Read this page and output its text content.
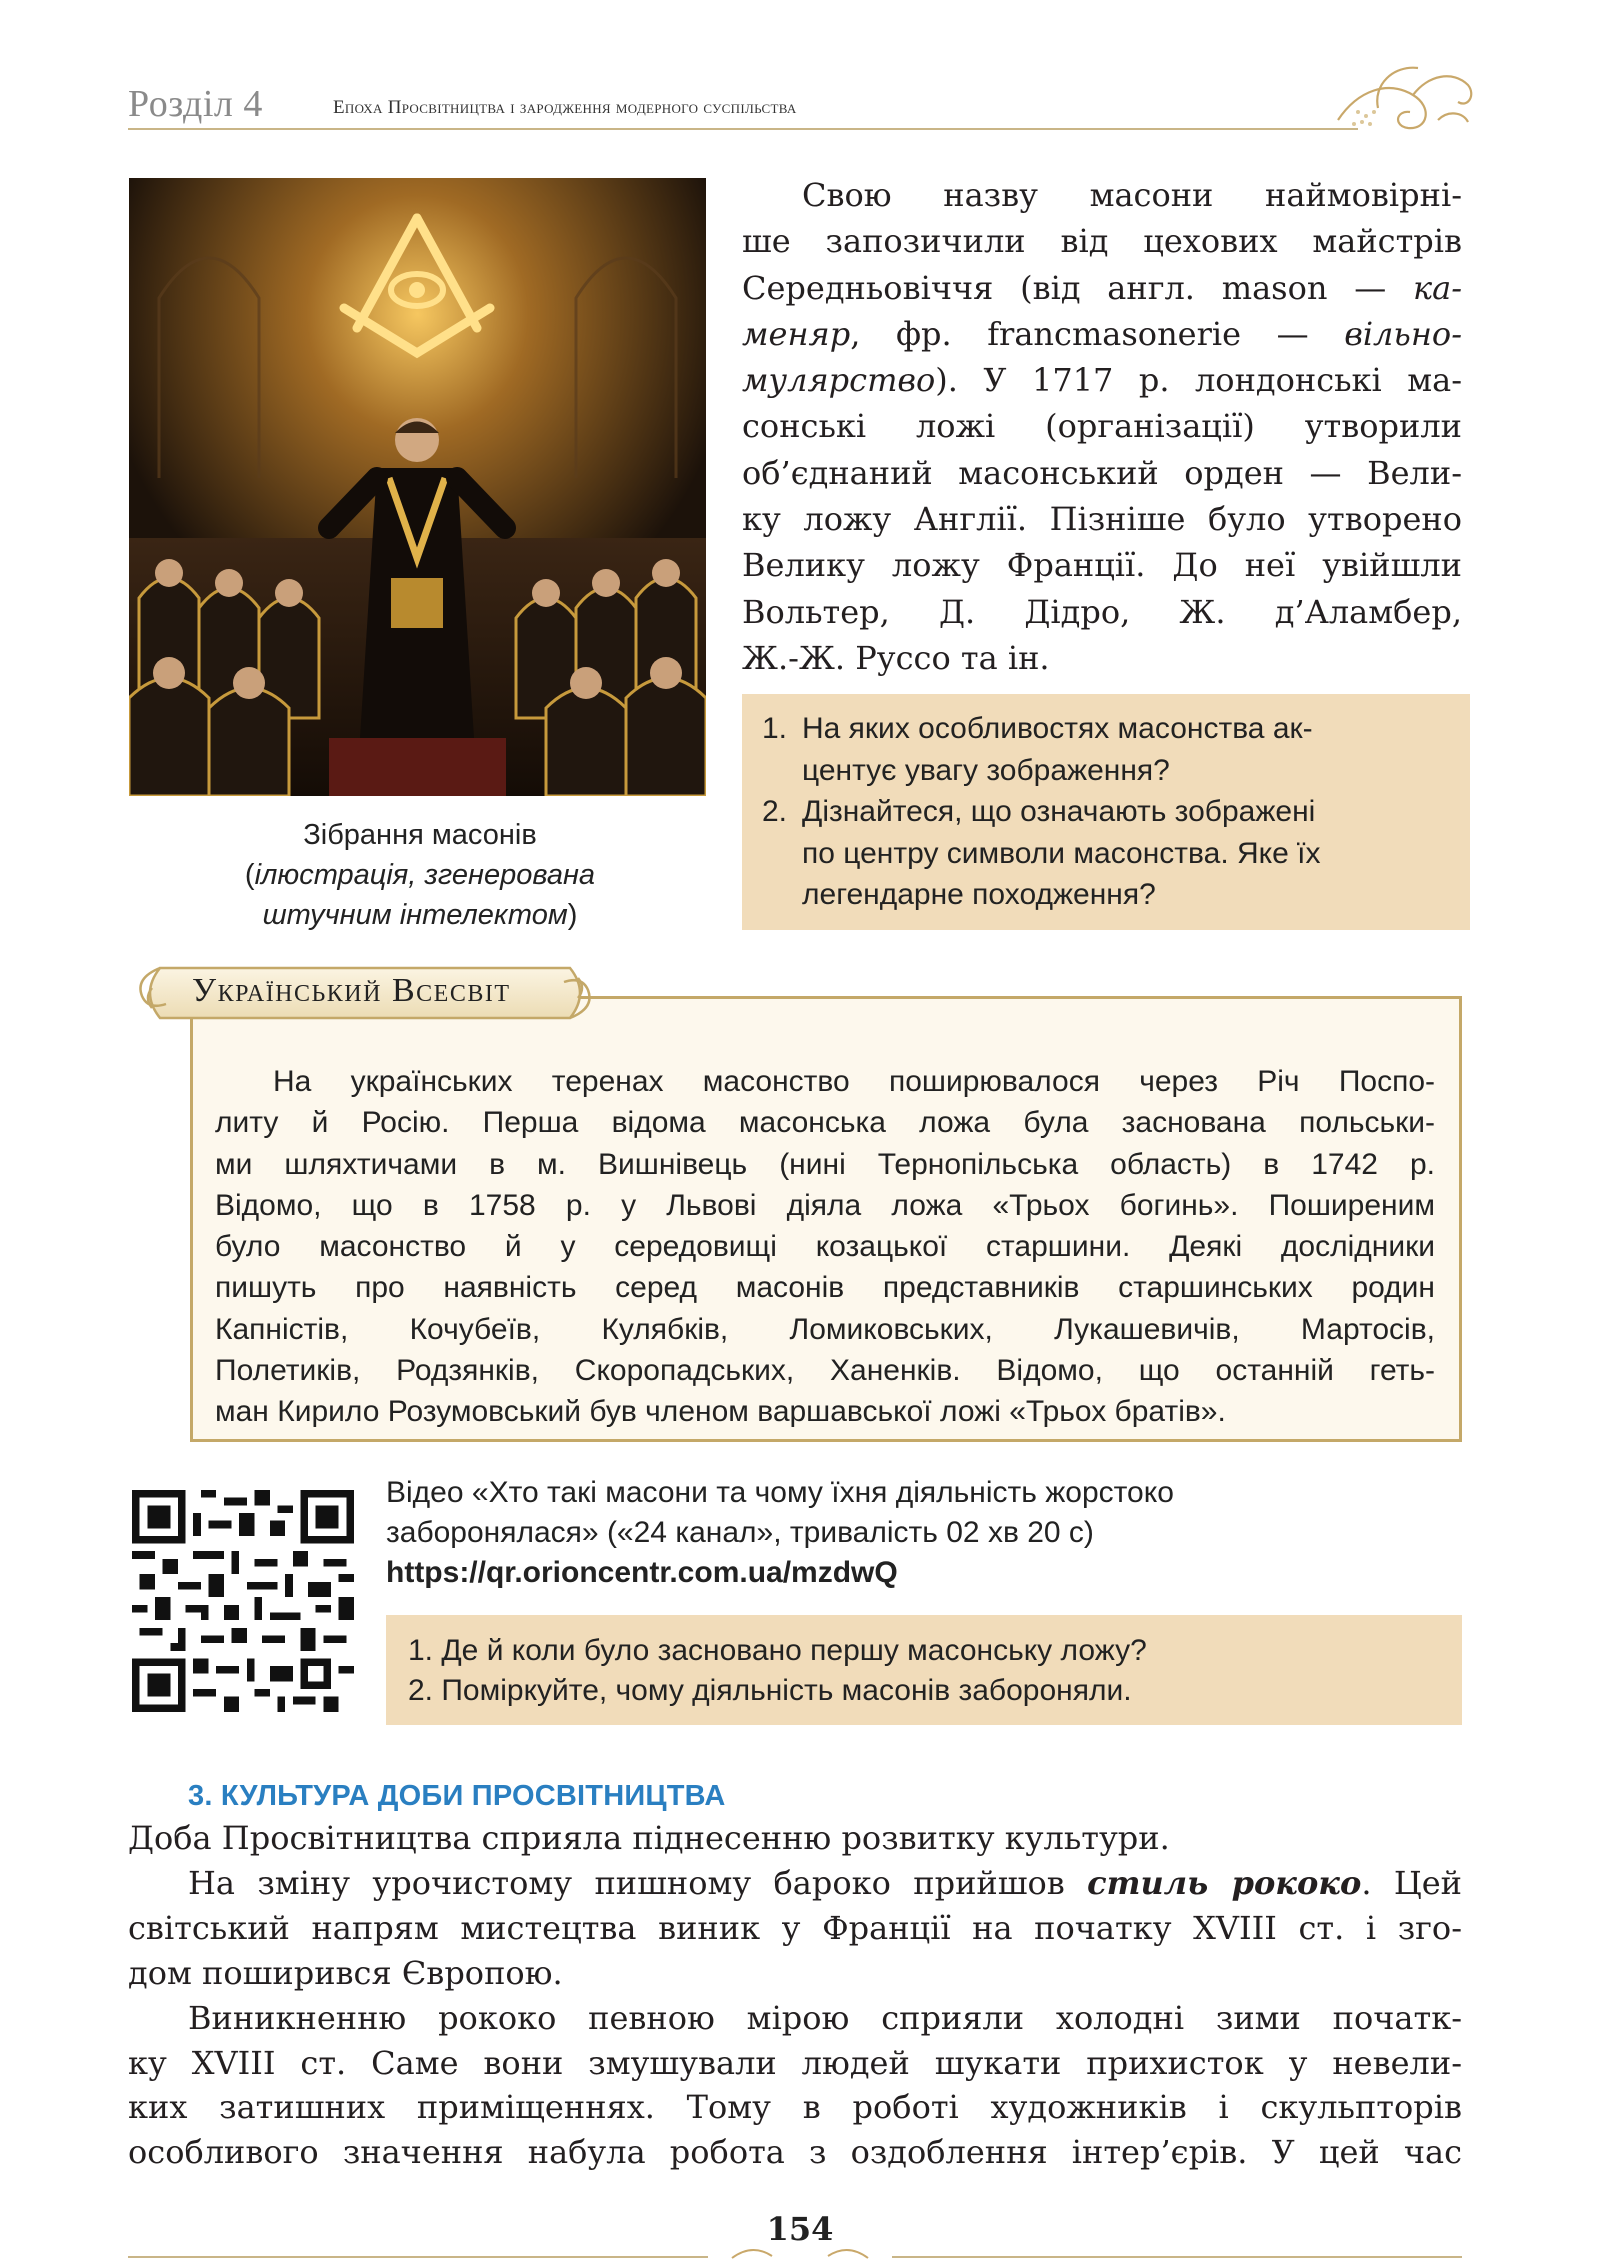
Розділ 4	Епоха Просвітництва і зародження модерного суспільства
Зібрання масонів
(ілюстрація, згенерована
штучним інтелектом)
Свою назву масони наймовірні-
ше запозичили від цехових майстрів
Середньовіччя (від англ. mason — ка-
меняр, фр. francmasonerie — вільно-
мулярство). У 1717 р. лондонські ма-
сонські ложі (організації) утворили
об’єднаний масонський орден — Вели-
ку ложу Англії. Пізніше було утворено
Велику ложу Франції. До неї увійшли
Вольтер, Д. Дідро, Ж. д’Аламбер,
Ж.-Ж. Руссо та ін.
1. На яких особливостях масонства ак-
центує увагу зображення?
2. Дізнайтеся, що означають зображені
по центру символи масонства. Яке їх
легендарне походження?
На українських теренах масонство поширювалося через Річ Поспо-
литу й Росію. Перша відома масонська ложа була заснована польськи-
ми шляхтичами в м. Вишнівець (нині Тернопільська область) в 1742 р.
Відомо, що в 1758 р. у Львові діяла ложа «Трьох богинь». Поширеним
було масонство й у середовищі козацької старшини. Деякі дослідники
пишуть про наявність серед масонів представників старшинських родин
Капністів, Кочубеїв, Кулябків, Ломиковських, Лукашевичів, Мартосів,
Полетиків, Родзянків, Скоропадських, Ханенків. Відомо, що останній геть-
ман Кирило Розумовський був членом варшавської ложі «Трьох братів».
Український Всесвіт
Відео «Хто такі масони та чому їхня діяльність жорстоко
заборонялася» («24 канал», тривалість 02 хв 20 с)
https://qr.orioncentr.com.ua/mzdwQ
1. Де й коли було засновано першу масонську ложу?
2. Поміркуйте, чому діяльність масонів забороняли.
3. КУЛЬТУРА ДОБИ ПРОСВІТНИЦТВА
Доба Просвітництва сприяла піднесенню розвитку культури.
На зміну урочистому пишному бароко прийшов стиль рококо. Цей
світський напрям мистецтва виник у Франції на початку XVIII ст. і зго-
дом поширився Європою.
Виникненню рококо певною мірою сприяли холодні зими початк-
ку XVIII ст. Саме вони змушували людей шукати прихисток у невели-
ких затишних приміщеннях. Тому в роботі художників і скульпторів
особливого значення набула робота з оздоблення інтер’єрів. У цей час
154
